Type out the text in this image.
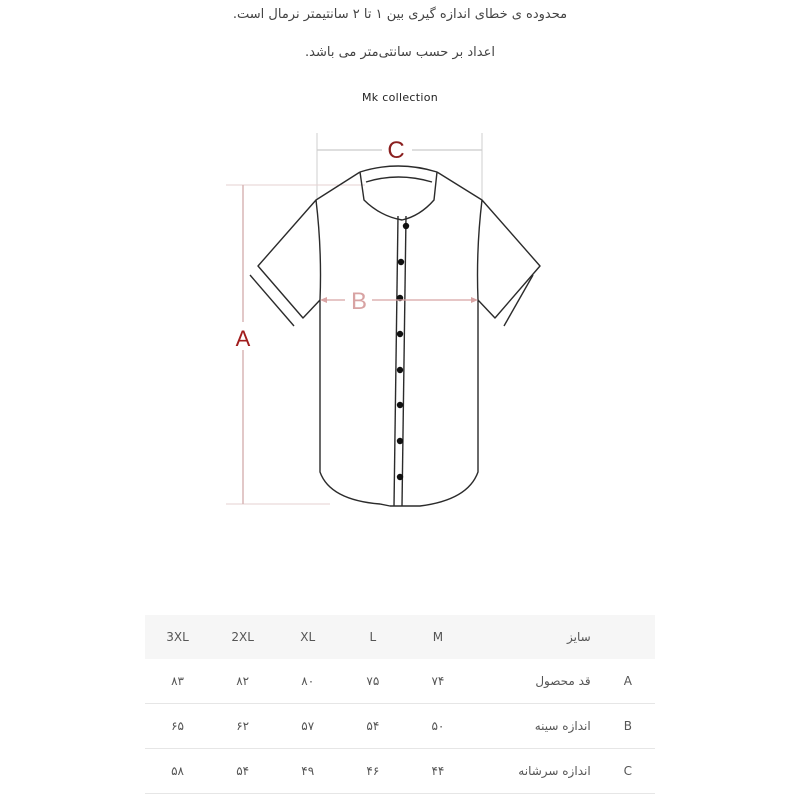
محدوده ی خطای اندازه گیری بین ۱ تا ۲ سانتیمتر نرمال است.
اعداد بر حسب سانتی‌متر می باشد.
Mk collection
C
A
B
3XL	2XL	XL	L	M	سایز	
۸۳	۸۲	۸۰	۷۵	۷۴	قد محصول	A
۶۵	۶۲	۵۷	۵۴	۵۰	اندازه سینه	B
۵۸	۵۴	۴۹	۴۶	۴۴	اندازه سرشانه	C
